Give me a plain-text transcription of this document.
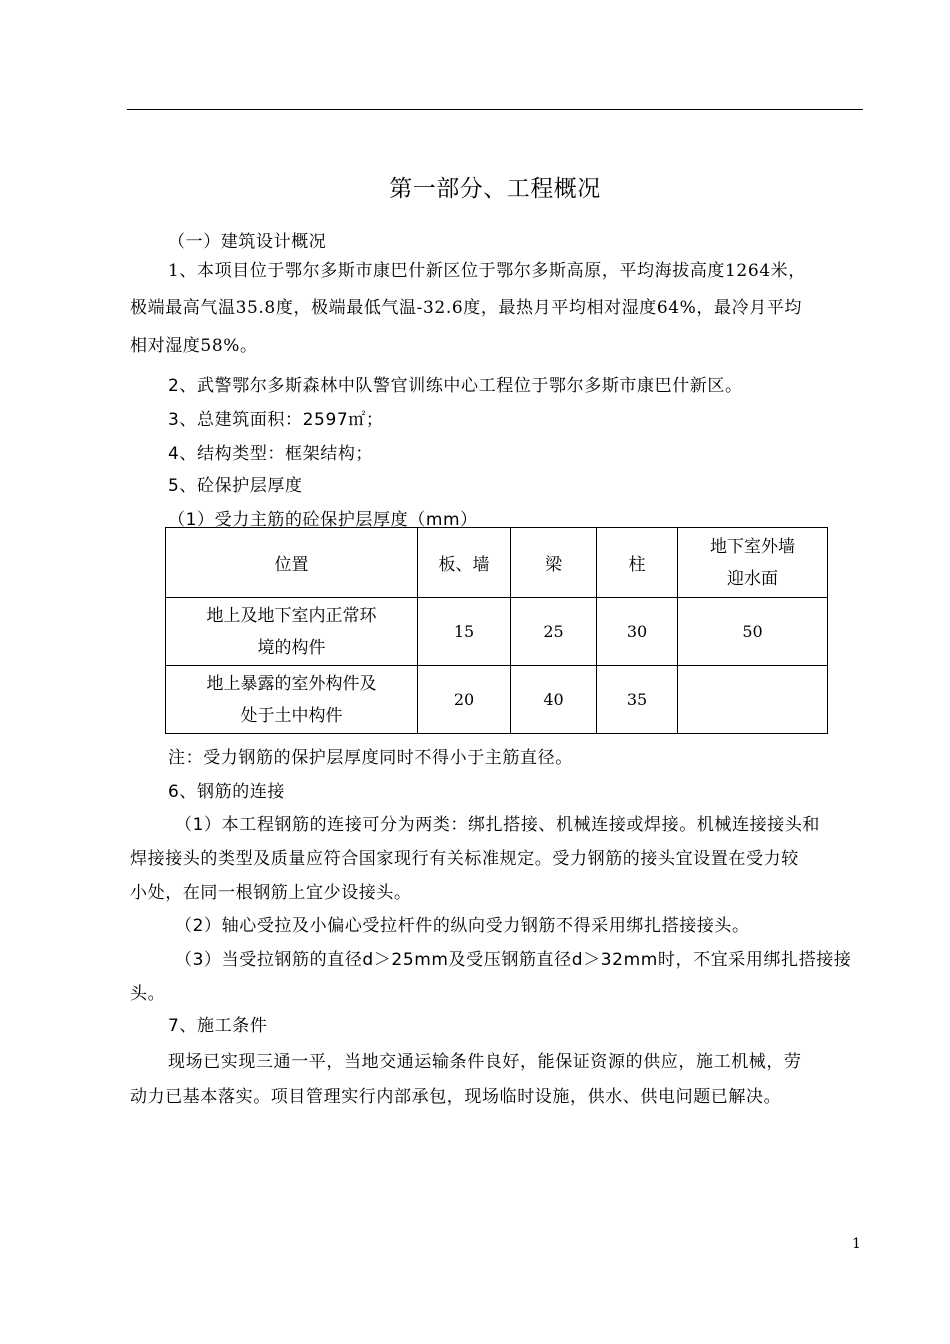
第一部分、工程概况
（一）建筑设计概况
1、本项目位于鄂尔多斯市康巴什新区位于鄂尔多斯高原，平均海拔高度1264米，
极端最高气温35.8度，极端最低气温-32.6度，最热月平均相对湿度64%，最冷月平均
相对湿度58%。
2、武警鄂尔多斯森林中队警官训练中心工程位于鄂尔多斯市康巴什新区。
3、总建筑面积：2597㎡；
4、结构类型：框架结构；
5、砼保护层厚度
（1）受力主筋的砼保护层厚度（mm）
位置	板、墙	梁	柱	地下室外墙
迎水面

地上及地下室内正常环
境的构件	15	25	30	50

地上暴露的室外构件及
处于土中构件	20	40	35	
注：受力钢筋的保护层厚度同时不得小于主筋直径。
6、钢筋的连接
（1）本工程钢筋的连接可分为两类：绑扎搭接、机械连接或焊接。机械连接接头和
焊接接头的类型及质量应符合国家现行有关标准规定。受力钢筋的接头宜设置在受力较
小处，在同一根钢筋上宜少设接头。
（2）轴心受拉及小偏心受拉杆件的纵向受力钢筋不得采用绑扎搭接接头。
（3）当受拉钢筋的直径d＞25mm及受压钢筋直径d＞32mm时，不宜采用绑扎搭接接
头。
7、施工条件
现场已实现三通一平，当地交通运输条件良好，能保证资源的供应，施工机械，劳
动力已基本落实。项目管理实行内部承包，现场临时设施，供水、供电问题已解决。
1
